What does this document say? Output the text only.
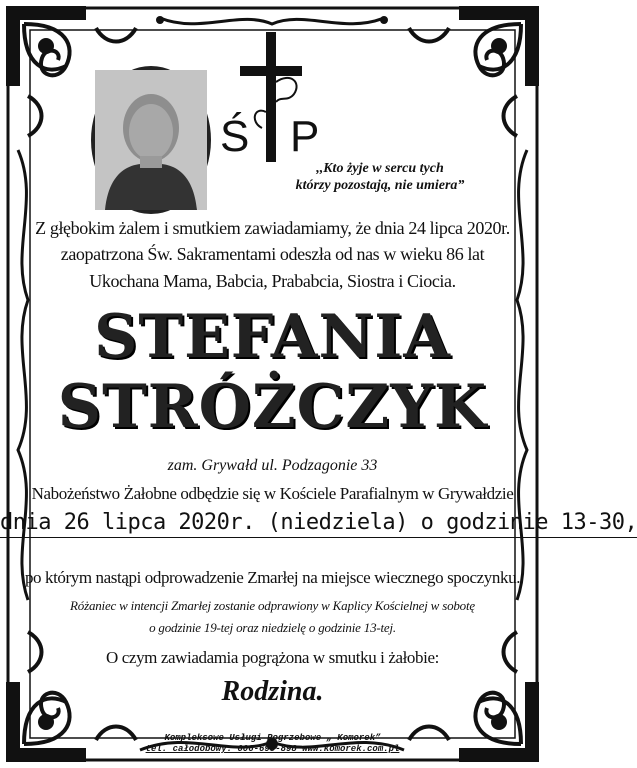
Ś P
,,Kto żyje w sercu tych
którzy pozostają, nie umiera”
Z głębokim żalem i smutkiem zawiadamiamy, że dnia 24 lipca 2020r.
zaopatrzona Św. Sakramentami odeszła od nas w wieku 86 lat
Ukochana Mama, Babcia, Prababcia, Siostra i Ciocia.
STEFANIA
STRÓŻCZYK
zam. Grywałd ul. Podzagonie 33
Nabożeństwo Żałobne odbędzie się w Kościele Parafialnym w Grywałdzie
dnia 26 lipca 2020r. (niedziela) o godzinie 13-30,
po którym nastąpi odprowadzenie Zmarłej na miejsce wiecznego spoczynku.
Różaniec w intencji Zmarłej zostanie odprawiony w Kaplicy Kościelnej w sobotę
o godzinie 19-tej oraz niedzielę o godzinie 13-tej.
O czym zawiadamia pogrążona w smutku i żałobie:
Rodzina.
Kompleksowe Usługi Pogrzebowe „ Komorek”
tel. całodobowy: 606-695-898 www.komorek.com.pl
